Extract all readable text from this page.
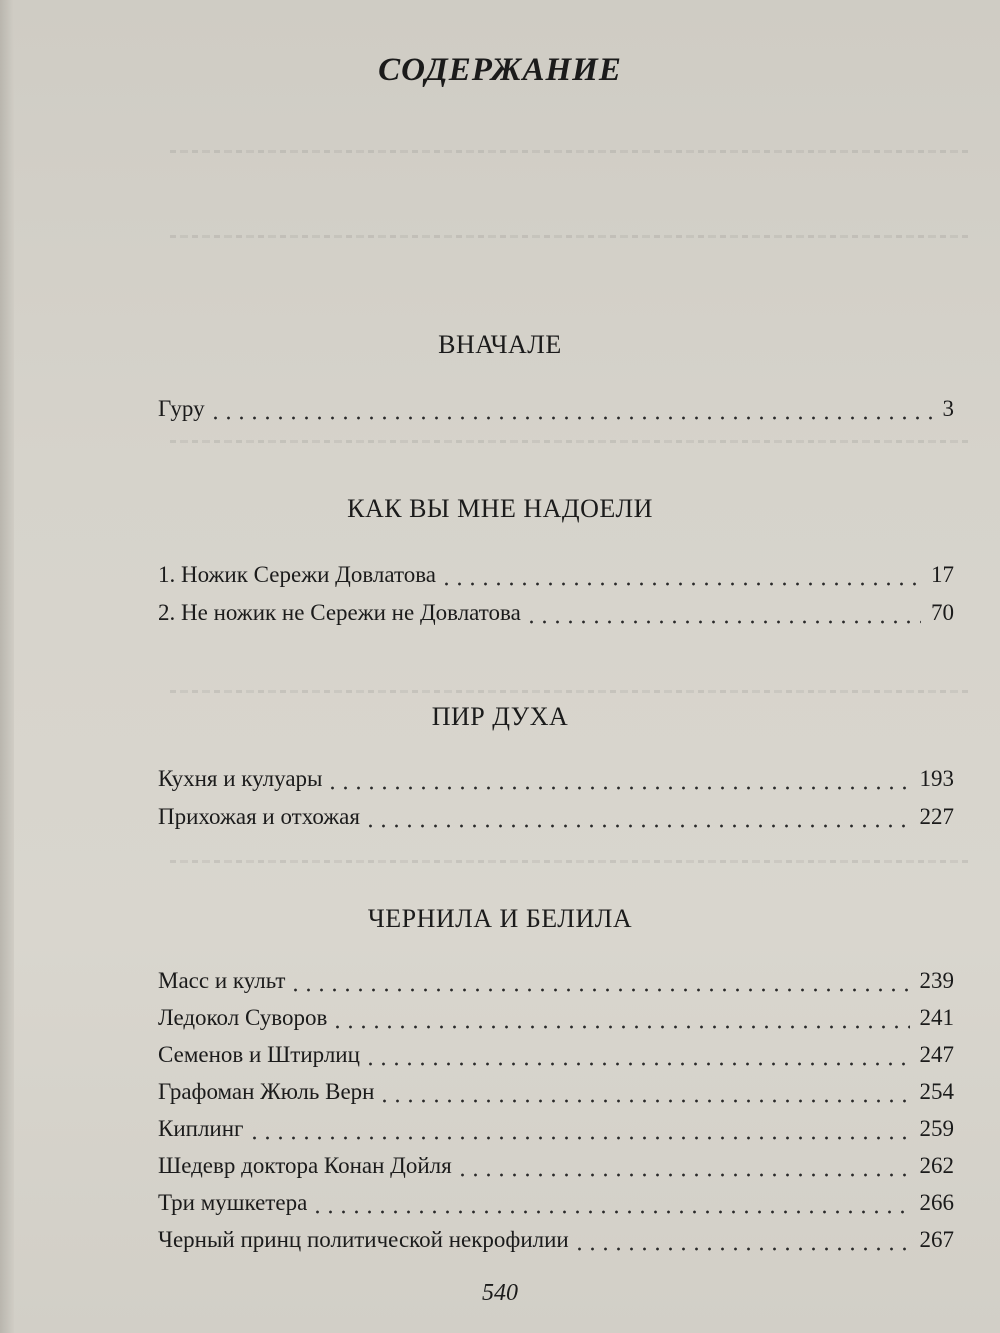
СОДЕРЖАНИЕ
ВНАЧАЛЕ
Гуру	3
КАК ВЫ МНЕ НАДОЕЛИ
1. Ножик Сережи Довлатова	17
2. Не ножик не Сережи не Довлатова	70
ПИР ДУХА
Кухня и кулуары	193
Прихожая и отхожая	227
ЧЕРНИЛА И БЕЛИЛА
Масс и культ	239
Ледокол Суворов	241
Семенов и Штирлиц	247
Графоман Жюль Верн	254
Киплинг	259
Шедевр доктора Конан Дойля	262
Три мушкетера	266
Черный принц политической некрофилии	267
540
